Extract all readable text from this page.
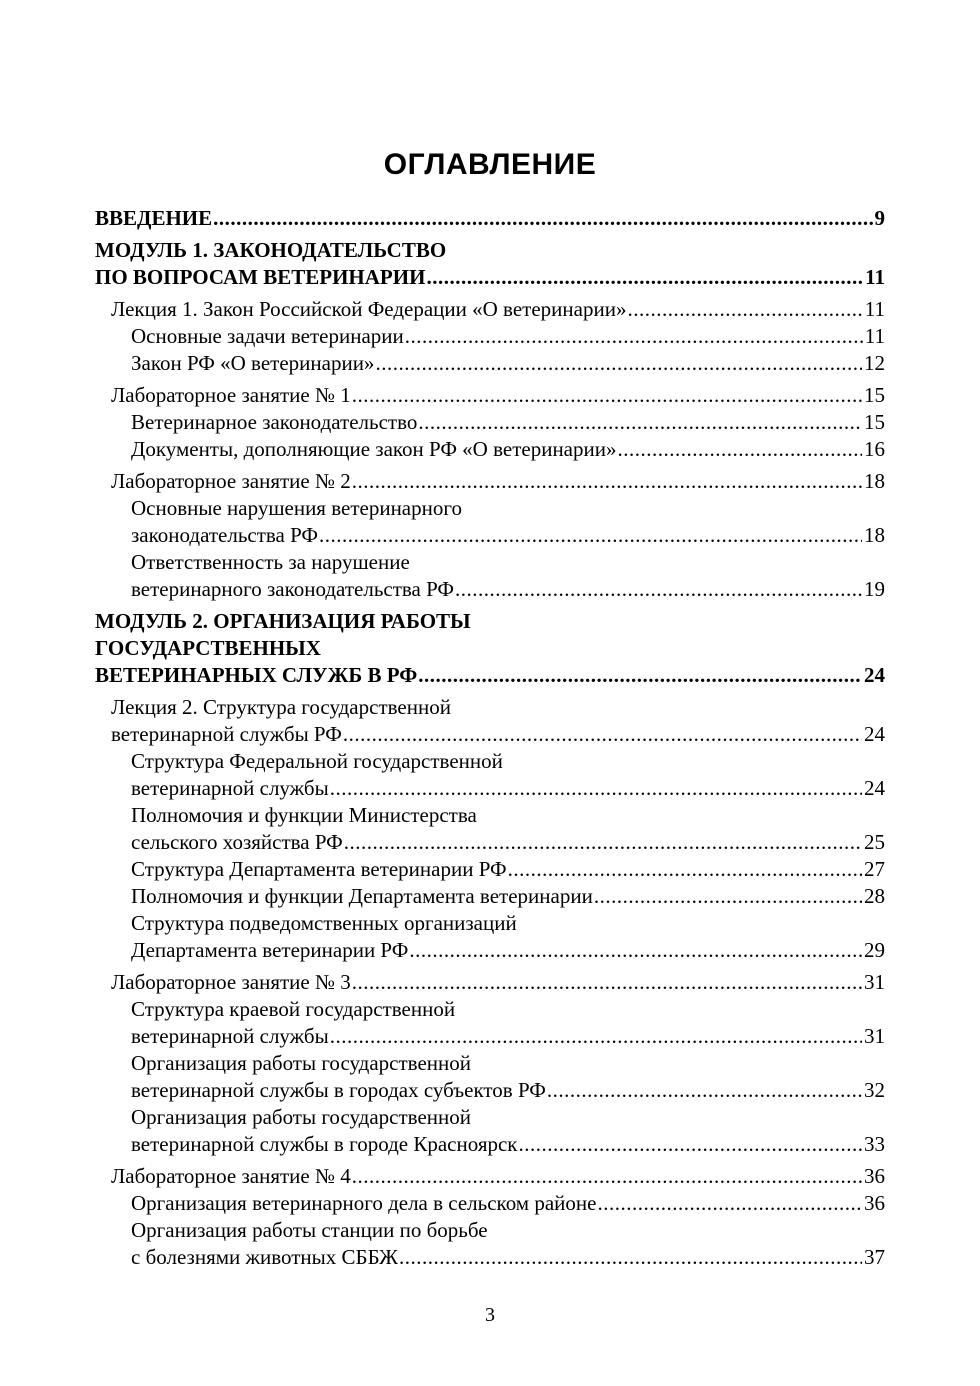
ОГЛАВЛЕНИЕ
ВВЕДЕНИЕ .....	9
МОДУЛЬ 1. ЗАКОНОДАТЕЛЬСТВО
ПО ВОПРОСАМ ВЕТЕРИНАРИИ .....	11
Лекция 1. Закон Российской Федерации «О ветеринарии» .....	11
Основные задачи ветеринарии .....	11
Закон РФ «О ветеринарии» .....	12
Лабораторное занятие № 1 .....	15
Ветеринарное законодательство .....	15
Документы, дополняющие закон РФ «О ветеринарии» .....	16
Лабораторное занятие № 2 .....	18
Основные нарушения ветеринарного
законодательства РФ .....	18
Ответственность за нарушение
ветеринарного законодательства РФ .....	19
МОДУЛЬ 2. ОРГАНИЗАЦИЯ РАБОТЫ
ГОСУДАРСТВЕННЫХ
ВЕТЕРИНАРНЫХ СЛУЖБ В РФ .....	24
Лекция 2. Структура государственной
ветеринарной службы РФ .....	24
Структура Федеральной государственной
ветеринарной службы .....	24
Полномочия и функции Министерства
сельского хозяйства РФ .....	25
Структура Департамента ветеринарии РФ .....	27
Полномочия и функции Департамента ветеринарии .....	28
Структура подведомственных организаций
Департамента ветеринарии РФ .....	29
Лабораторное занятие № 3 .....	31
Структура краевой государственной
ветеринарной службы .....	31
Организация работы государственной
ветеринарной службы в городах субъектов РФ .....	32
Организация работы государственной
ветеринарной службы в городе Красноярск .....	33
Лабораторное занятие № 4 .....	36
Организация ветеринарного дела в сельском районе .....	36
Организация работы станции по борьбе
с болезнями животных СББЖ .....	37
3
